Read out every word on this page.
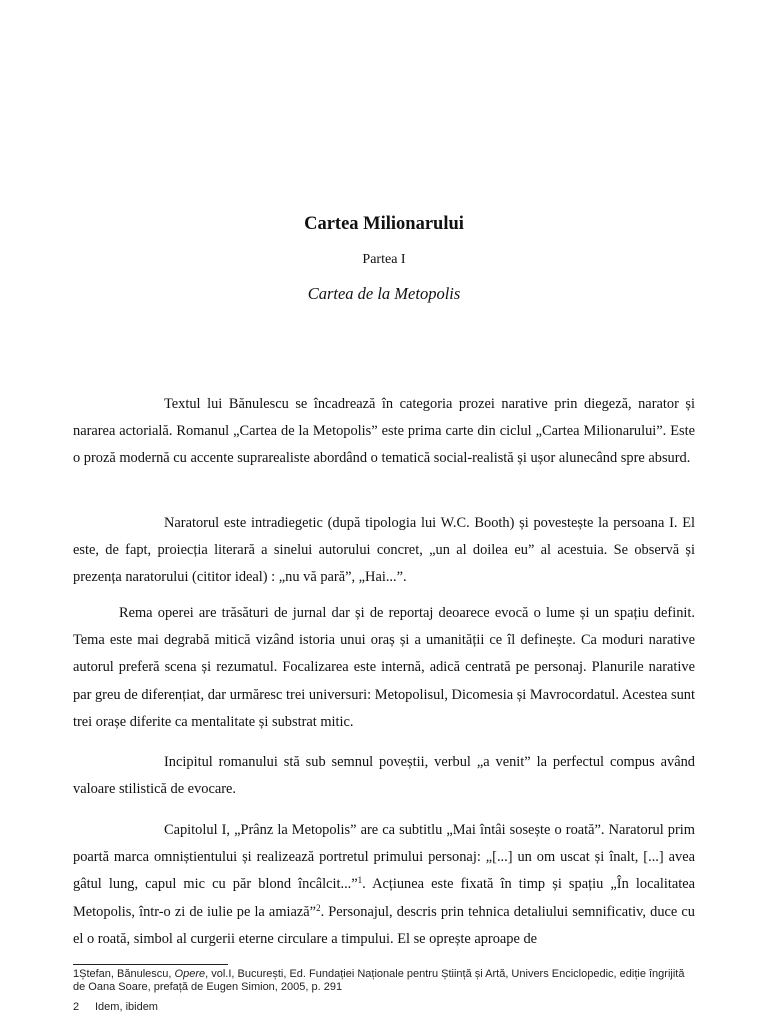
Cartea Milionarului
Partea I
Cartea de la Metopolis

Textul lui Bănulescu se încadrează în categoria prozei narative prin diegeză, narator și nararea actorială. Romanul „Cartea de la Metopolis” este prima carte din ciclul „Cartea Milionarului”. Este o proză modernă cu accente suprarealiste abordând o tematică social-realistă și ușor alunecând spre absurd.

Naratorul este intradiegetic (după tipologia lui W.C. Booth) și povestește la persoana I. El este, de fapt, proiecția literară a sinelui autorului concret, „un al doilea eu” al acestuia. Se observă și prezența naratorului (cititor ideal) : „nu vă pară”, „Hai...”.

Rema operei are trăsături de jurnal dar și de reportaj deoarece evocă o lume și un spațiu definit. Tema este mai degrabă mitică vizând istoria unui oraș și a umanității ce îl definește. Ca moduri narative autorul preferă scena și rezumatul. Focalizarea este internă, adică centrată pe personaj. Planurile narative par greu de diferențiat, dar urmăresc trei universuri: Metopolisul, Dicomesia și Mavrocordatul. Acestea sunt trei orașe diferite ca mentalitate și substrat mitic.

Incipitul romanului stă sub semnul poveștii, verbul „a venit” la perfectul compus având valoare stilistică de evocare.

Capitolul I, „Prânz la Metopolis” are ca subtitlu „Mai întâi sosește o roată”. Naratorul prim poartă marca omniștientului și realizează portretul primului personaj: „[...] un om uscat și înalt, [...] avea gâtul lung, capul mic cu păr blond încâlcit...”$^1$. Acțiunea este fixată în timp și spațiu „În localitatea Metopolis, într-o zi de iulie pe la amiază”$^2$. Personajul, descris prin tehnica detaliului semnificativ, duce cu el o roată, simbol al curgerii eterne circulare a timpului. El se oprește aproape de

1Ștefan, Bănulescu, Opere, vol.I, București, Ed. Fundației Naționale pentru Știință și Artă, Univers Enciclopedic, ediție îngrijită de Oana Soare, prefață de Eugen Simion, 2005, p. 291

2 Idem, ibidem
